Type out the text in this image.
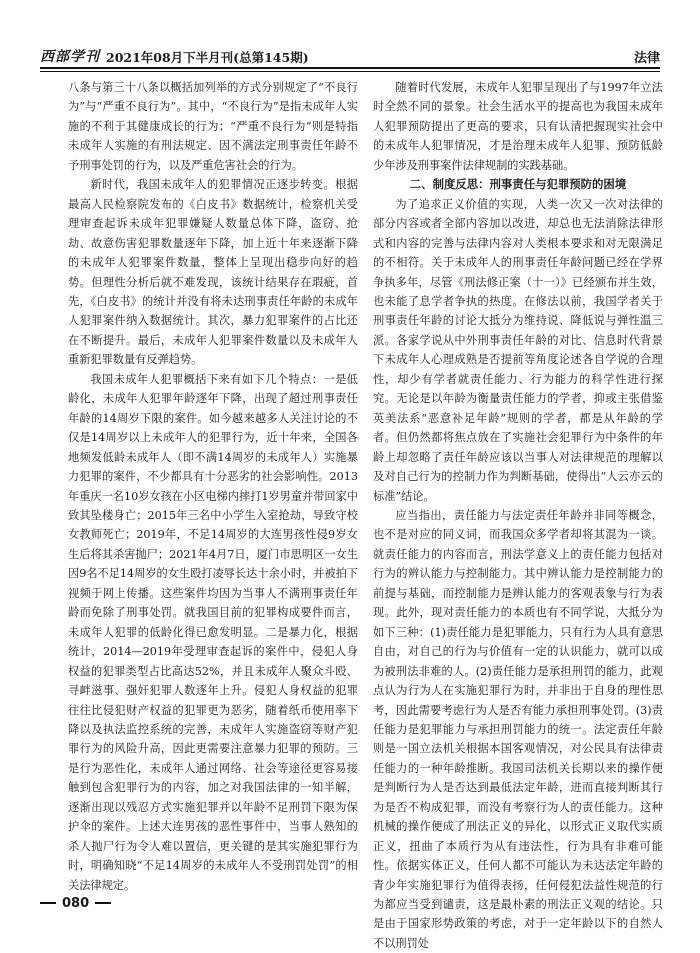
西部学刊 2021年08月下半月刊(总第145期)	法律

八条与第三十八条以概括加列举的方式分别规定了“不良行为”与“严重不良行为”。其中，“不良行为”是指未成年人实施的不利于其健康成长的行为；“严重不良行为”则是特指未成年人实施的有刑法规定、因不满法定刑事责任年龄不予刑事处罚的行为，以及严重危害社会的行为。

新时代，我国未成年人的犯罪情况正逐步转变。根据最高人民检察院发布的《白皮书》数据统计，检察机关受理审查起诉未成年犯罪嫌疑人数量总体下降，盗窃、抢劫、故意伤害犯罪数量逐年下降，加上近十年来逐渐下降的未成年人犯罪案件数量，整体上呈现出稳步向好的趋势。但理性分析后就不难发现，该统计结果存在瑕疵，首先，《白皮书》的统计并没有将未达刑事责任年龄的未成年人犯罪案件纳入数据统计。其次，暴力犯罪案件的占比还在不断提升。最后，未成年人犯罪案件数量以及未成年人重新犯罪数量有反弹趋势。

我国未成年人犯罪概括下来有如下几个特点：一是低龄化，未成年人犯罪年龄逐年下降，出现了超过刑事责任年龄的14周岁下限的案件。如今越来越多人关注讨论的不仅是14周岁以上未成年人的犯罪行为，近十年来，全国各地频发低龄未成年人（即不满14周岁的未成年人）实施暴力犯罪的案件，不少都具有十分恶劣的社会影响性。2013年重庆一名10岁女孩在小区电梯内摔打1岁男童并带回家中致其坠楼身亡；2015年三名中小学生入室抢劫，导致守校女教师死亡；2019年，不足14周岁的大连男孩性侵9岁女生后将其杀害抛尸；2021年4月7日，厦门市思明区一女生因9名不足14周岁的女生殴打凌辱长达十余小时，并被拍下视频于网上传播。这些案件均因为当事人不满刑事责任年龄而免除了刑事处罚。就我国目前的犯罪构成要件而言，未成年人犯罪的低龄化得已愈发明显。二是暴力化，根据统计，2014—2019年受理审查起诉的案件中，侵犯人身权益的犯罪类型占比高达52%，并且未成年人聚众斗殴、寻衅滋事、强奸犯罪人数逐年上升。侵犯人身权益的犯罪往往比侵犯财产权益的犯罪更为恶劣，随着纸币使用率下降以及执法监控系统的完善，未成年人实施盗窃等财产犯罪行为的风险升高，因此更需要注意暴力犯罪的预防。三是行为恶性化，未成年人通过网络、社会等途径更容易接触到包含犯罪行为的内容，加之对我国法律的一知半解，逐渐出现以残忍方式实施犯罪并以年龄不足刑罚下限为保护伞的案件。上述大连男孩的恶性事件中，当事人熟知的杀人抛尸行为令人难以置信，更关键的是其实施犯罪行为时，明确知晓“不足14周岁的未成年人不受刑罚处罚”的相关法律规定。

随着时代发展，未成年人犯罪呈现出了与1997年立法时全然不同的景象。社会生活水平的提高也为我国未成年人犯罪预防提出了更高的要求，只有认清把握现实社会中的未成年人犯罪情况，才是治理未成年人犯罪、预防低龄少年涉及刑事案件法律规制的实践基础。

二、制度反思：刑事责任与犯罪预防的困境

为了追求正义价值的实现，人类一次又一次对法律的部分内容或者全部内容加以改进，却总也无法消除法律形式和内容的完善与法律内容对人类根本要求和对无限满足的不相符。关于未成年人的刑事责任年龄问题已经在学界争执多年，尽管《刑法修正案（十一）》已经颁布并生效，也未能了息学者争执的热度。在修法以前，我国学者关于刑事责任年龄的讨论大抵分为维持说、降低说与弹性温三派。各家学说从中外刑事责任年龄的对比、信息时代背景下未成年人心理成熟是否提前等角度论述各自学说的合理性，却少有学者就责任能力、行为能力的科学性进行探究。无论是以年龄为衡量责任能力的学者，抑或主张借鉴英美法系“恶意补足年龄”规则的学者，都是从年龄的学者。但仍然都将焦点放在了实施社会犯罪行为中条件的年龄上却忽略了责任年龄应该以当事人对法律规范的理解以及对自己行为的控制力作为判断基础，使得出“人云亦云的标准”结论。

应当指出，责任能力与法定责任年龄并非同等概念，也不是对应的同义词，而我国众多学者却将其混为一谈。就责任能力的内容而言，刑法学意义上的责任能力包括对行为的辨认能力与控制能力。其中辨认能力是控制能力的前提与基础，而控制能力是辨认能力的客观表象与行为表现。此外，现对责任能力的本质也有不同学说，大抵分为如下三种：(1)责任能力是犯罪能力，只有行为人具有意思自由，对自己的行为与价值有一定的认识能力，就可以成为被刑法非难的人。(2)责任能力是承担刑罚的能力，此观点认为行为人在实施犯罪行为时，并非出于自身的理性思考，因此需要考虑行为人是否有能力承担刑事处罚。(3)责任能力是犯罪能力与承担刑罚能力的统一。法定责任年龄则是一国立法机关根据本国客观情况，对公民具有法律责任能力的一种年龄推断。我国司法机关长期以来的操作便是判断行为人是否达到最低法定年龄，进而直接判断其行为是否不构成犯罪，而没有考察行为人的责任能力。这种机械的操作便成了刑法正义的异化，以形式正义取代实质正义，扭曲了本质行为从有违法性，行为具有非难可能性。依据实体正义，任何人都不可能认为未达法定年龄的青少年实施犯罪行为值得表扬，任何侵犯法益性规范的行为都应当受到谴责，这是最朴素的刑法正义观的结论。只是由于国家形势政策的考虑，对于一定年龄以下的自然人不以刑罚处

080
